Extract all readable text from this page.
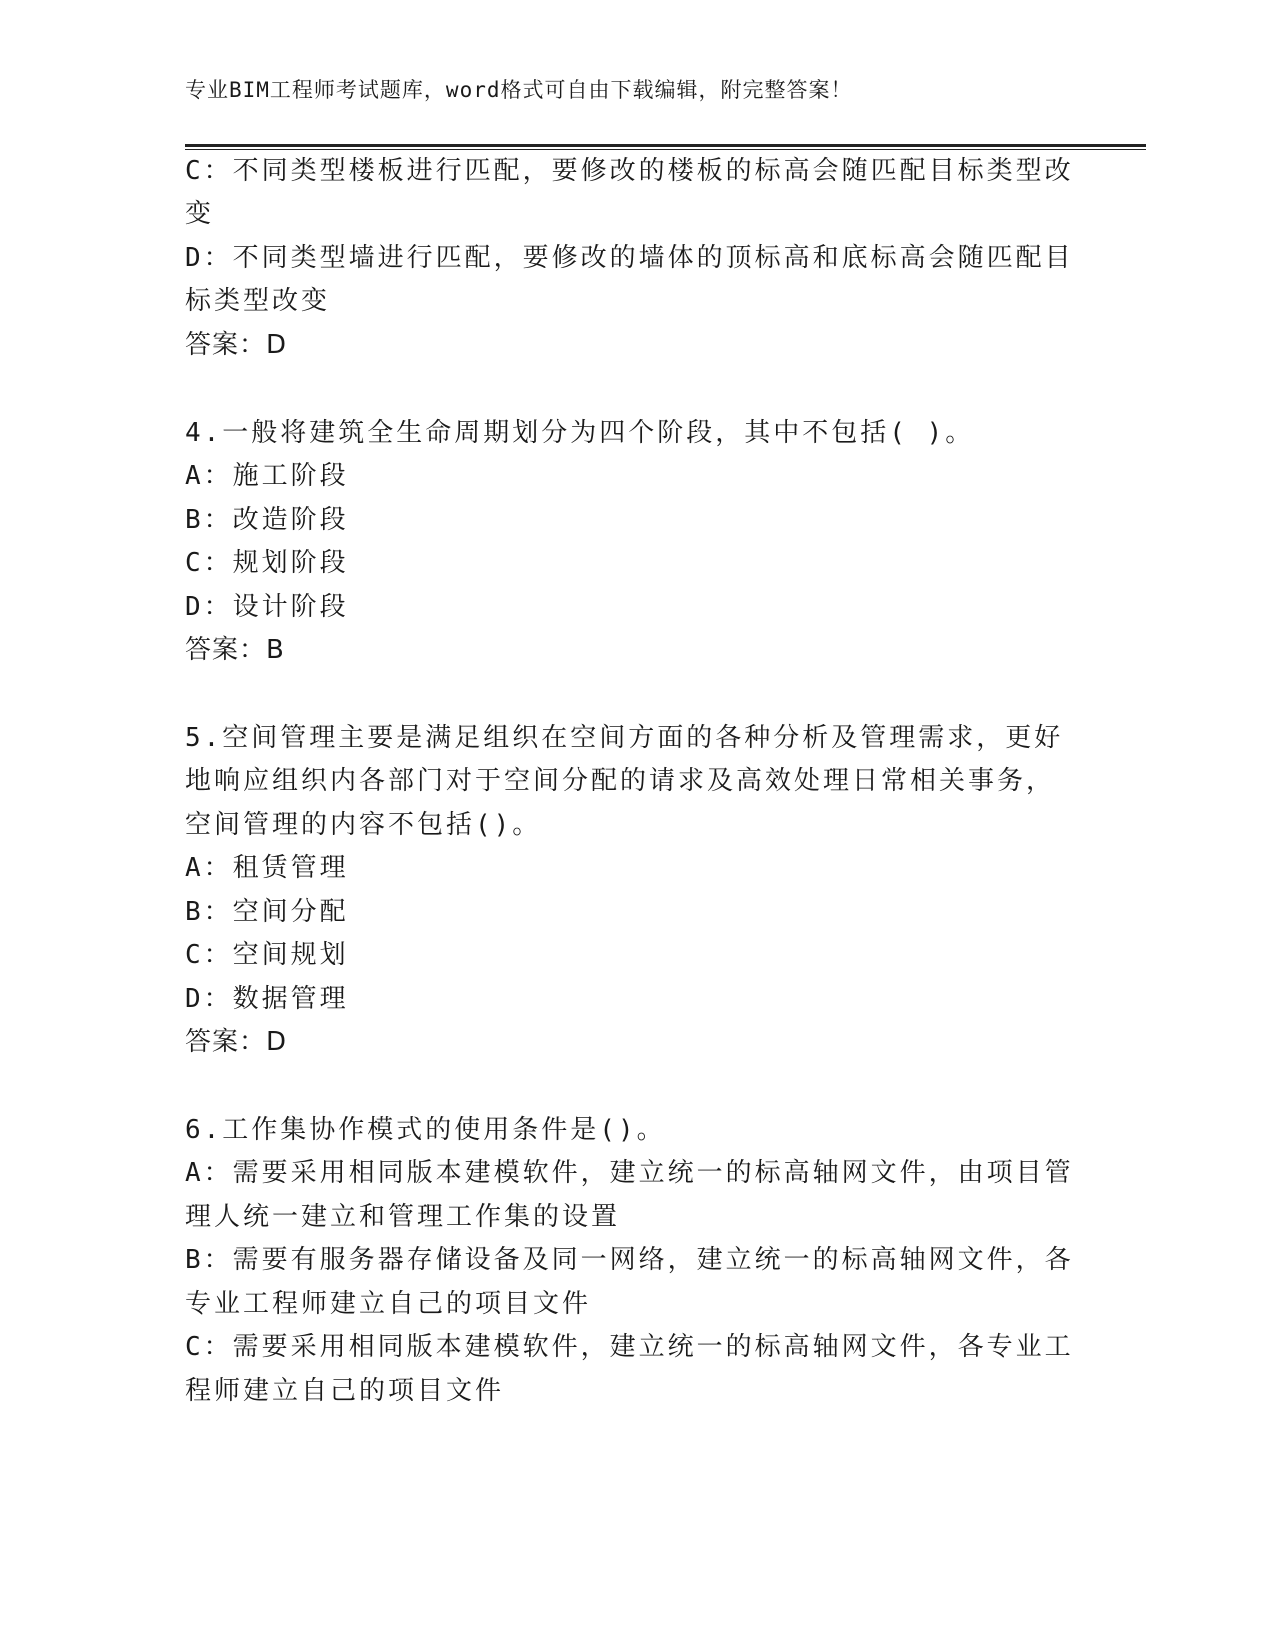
专业BIM工程师考试题库，word格式可自由下载编辑，附完整答案！
C：不同类型楼板进行匹配，要修改的楼板的标高会随匹配目标类型改
变
D：不同类型墙进行匹配，要修改的墙体的顶标高和底标高会随匹配目
标类型改变
答案：D
4.一般将建筑全生命周期划分为四个阶段，其中不包括( )。
A：施工阶段
B：改造阶段
C：规划阶段
D：设计阶段
答案：B
5.空间管理主要是满足组织在空间方面的各种分析及管理需求，更好
地响应组织内各部门对于空间分配的请求及高效处理日常相关事务，
空间管理的内容不包括()。
A：租赁管理
B：空间分配
C：空间规划
D：数据管理
答案：D
6.工作集协作模式的使用条件是()。
A：需要采用相同版本建模软件，建立统一的标高轴网文件，由项目管
理人统一建立和管理工作集的设置
B：需要有服务器存储设备及同一网络，建立统一的标高轴网文件，各
专业工程师建立自己的项目文件
C：需要采用相同版本建模软件，建立统一的标高轴网文件，各专业工
程师建立自己的项目文件
